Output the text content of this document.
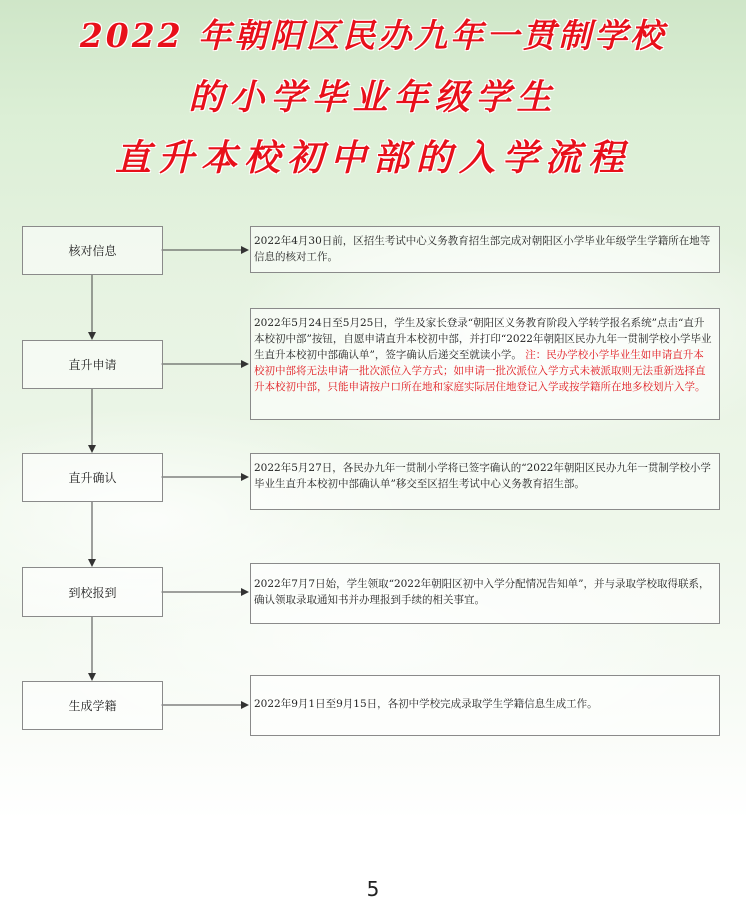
2022 年朝阳区民办九年一贯制学校
的小学毕业年级学生
直升本校初中部的入学流程
核对信息
直升申请
直升确认
到校报到
生成学籍
2022年4月30日前，区招生考试中心义务教育招生部完成对朝阳区小学毕业年级学生学籍所在地等信息的核对工作。
2022年5月24日至5月25日，学生及家长登录“朝阳区义务教育阶段入学转学报名系统”点击“直升本校初中部”按钮，自愿申请直升本校初中部，并打印“2022年朝阳区民办九年一贯制学校小学毕业生直升本校初中部确认单”，签字确认后递交至就读小学。 注：民办学校小学毕业生如申请直升本校初中部将无法申请一批次派位入学方式；如申请一批次派位入学方式未被派取则无法重新选择直升本校初中部，只能申请按户口所在地和家庭实际居住地登记入学或按学籍所在地多校划片入学。
2022年5月27日，各民办九年一贯制小学将已签字确认的“2022年朝阳区民办九年一贯制学校小学毕业生直升本校初中部确认单”移交至区招生考试中心义务教育招生部。
2022年7月7日始，学生领取“2022年朝阳区初中入学分配情况告知单”，并与录取学校取得联系，确认领取录取通知书并办理报到手续的相关事宜。
2022年9月1日至9月15日，各初中学校完成录取学生学籍信息生成工作。
5
